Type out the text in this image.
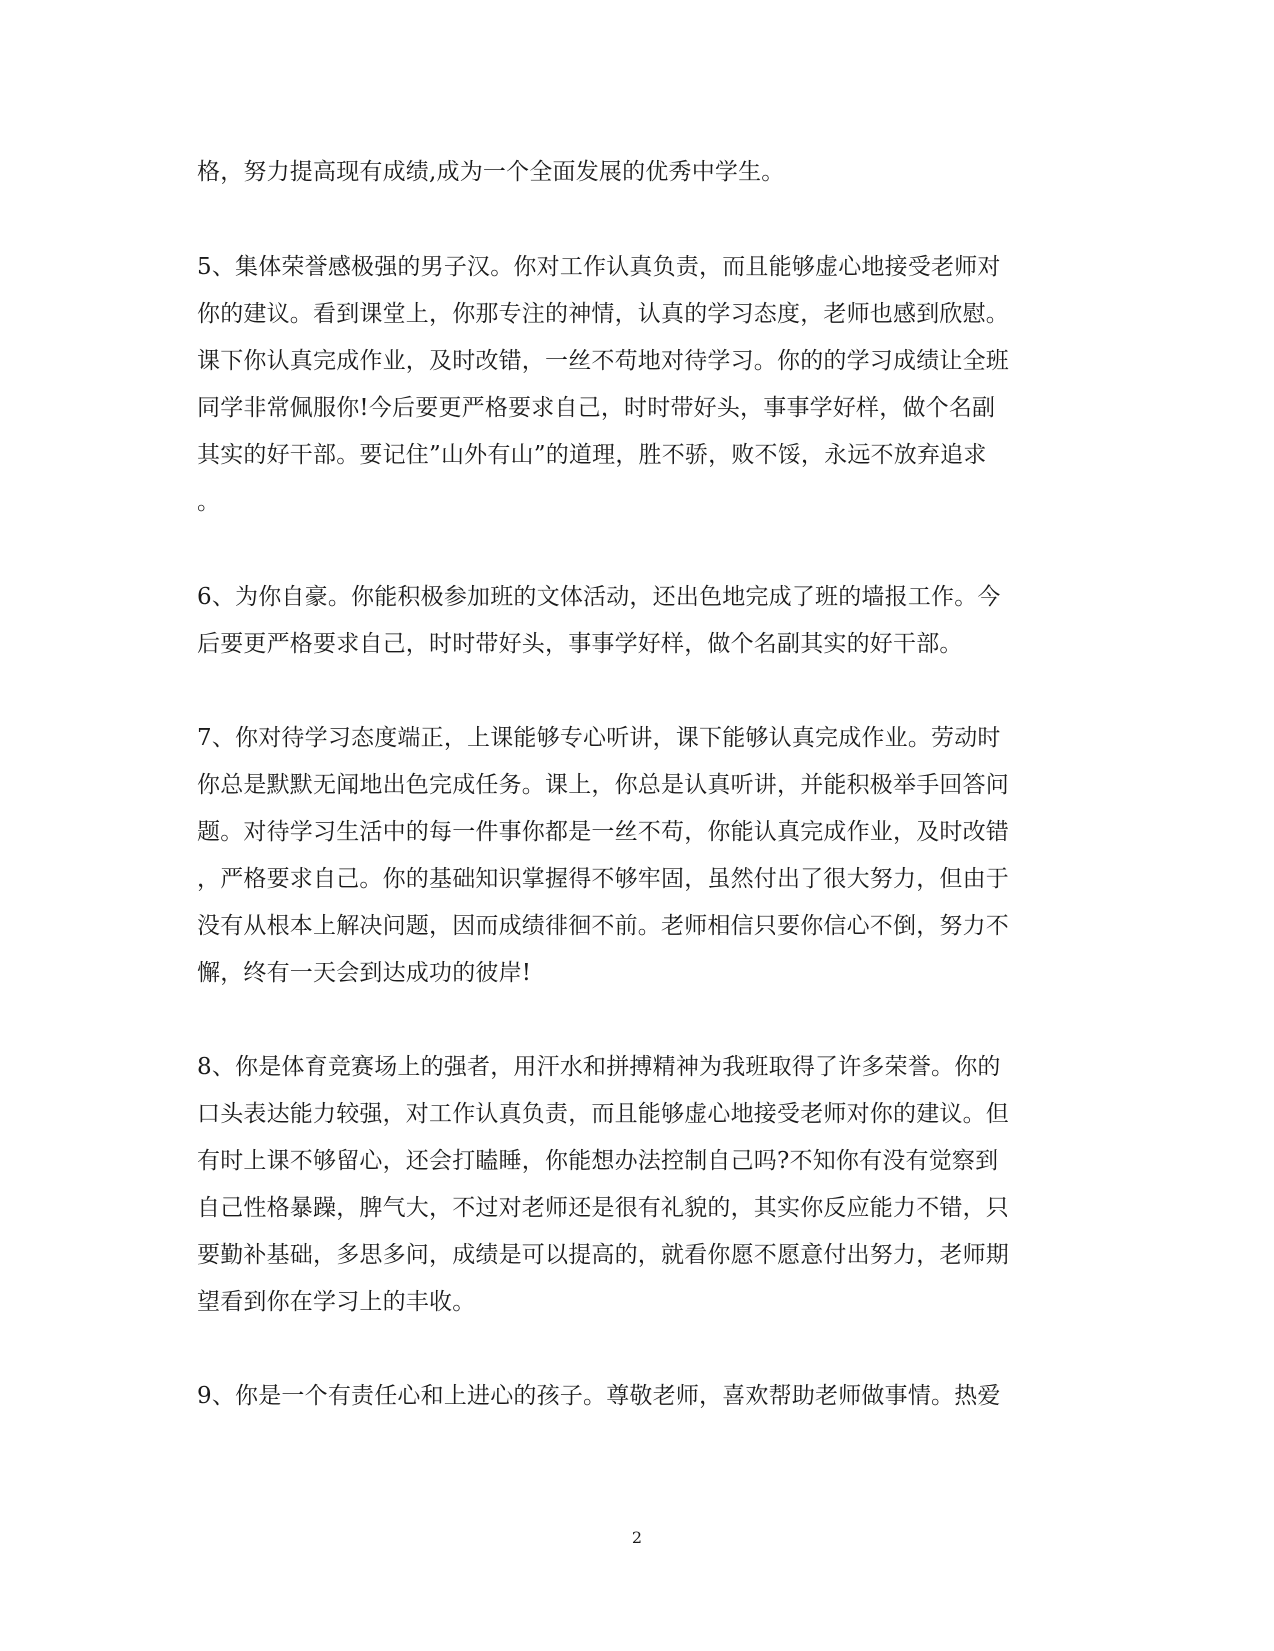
格，努力提高现有成绩,成为一个全面发展的优秀中学生。
5、集体荣誉感极强的男子汉。你对工作认真负责，而且能够虚心地接受老师对
你的建议。看到课堂上，你那专注的神情，认真的学习态度，老师也感到欣慰。
课下你认真完成作业，及时改错，一丝不苟地对待学习。你的的学习成绩让全班
同学非常佩服你!今后要更严格要求自己，时时带好头，事事学好样，做个名副
其实的好干部。要记住”山外有山”的道理，胜不骄，败不馁，永远不放弃追求
。
6、为你自豪。你能积极参加班的文体活动，还出色地完成了班的墙报工作。今
后要更严格要求自己，时时带好头，事事学好样，做个名副其实的好干部。
7、你对待学习态度端正，上课能够专心听讲，课下能够认真完成作业。劳动时
你总是默默无闻地出色完成任务。课上，你总是认真听讲，并能积极举手回答问
题。对待学习生活中的每一件事你都是一丝不苟，你能认真完成作业，及时改错
，严格要求自己。你的基础知识掌握得不够牢固，虽然付出了很大努力，但由于
没有从根本上解决问题，因而成绩徘徊不前。老师相信只要你信心不倒，努力不
懈，终有一天会到达成功的彼岸!
8、你是体育竞赛场上的强者，用汗水和拼搏精神为我班取得了许多荣誉。你的
口头表达能力较强，对工作认真负责，而且能够虚心地接受老师对你的建议。但
有时上课不够留心，还会打瞌睡，你能想办法控制自己吗?不知你有没有觉察到
自己性格暴躁，脾气大，不过对老师还是很有礼貌的，其实你反应能力不错，只
要勤补基础，多思多问，成绩是可以提高的，就看你愿不愿意付出努力，老师期
望看到你在学习上的丰收。
9、你是一个有责任心和上进心的孩子。尊敬老师，喜欢帮助老师做事情。热爱
2
